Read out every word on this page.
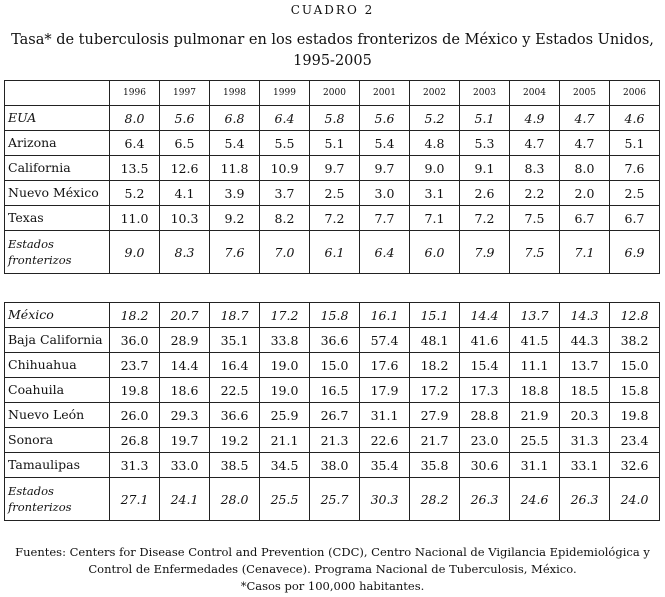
CUADRO 2
Tasa* de tuberculosis pulmonar en los estados fronterizos de México y Estados Unidos,
1995-2005
	1996	1997	1998	1999	2000	2001	2002	2003	2004	2005	2006
EUA	8.0	5.6	6.8	6.4	5.8	5.6	5.2	5.1	4.9	4.7	4.6
Arizona	6.4	6.5	5.4	5.5	5.1	5.4	4.8	5.3	4.7	4.7	5.1
California	13.5	12.6	11.8	10.9	9.7	9.7	9.0	9.1	8.3	8.0	7.6
Nuevo México	5.2	4.1	3.9	3.7	2.5	3.0	3.1	2.6	2.2	2.0	2.5
Texas	11.0	10.3	9.2	8.2	7.2	7.7	7.1	7.2	7.5	6.7	6.7
Estados fronterizos	9.0	8.3	7.6	7.0	6.1	6.4	6.0	7.9	7.5	7.1	6.9

México	18.2	20.7	18.7	17.2	15.8	16.1	15.1	14.4	13.7	14.3	12.8
Baja California	36.0	28.9	35.1	33.8	36.6	57.4	48.1	41.6	41.5	44.3	38.2
Chihuahua	23.7	14.4	16.4	19.0	15.0	17.6	18.2	15.4	11.1	13.7	15.0
Coahuila	19.8	18.6	22.5	19.0	16.5	17.9	17.2	17.3	18.8	18.5	15.8
Nuevo León	26.0	29.3	36.6	25.9	26.7	31.1	27.9	28.8	21.9	20.3	19.8
Sonora	26.8	19.7	19.2	21.1	21.3	22.6	21.7	23.0	25.5	31.3	23.4
Tamaulipas	31.3	33.0	38.5	34.5	38.0	35.4	35.8	30.6	31.1	33.1	32.6
Estados fronterizos	27.1	24.1	28.0	25.5	25.7	30.3	28.2	26.3	24.6	26.3	24.0
Fuentes: Centers for Disease Control and Prevention (CDC), Centro Nacional de Vigilancia Epidemiológica y
Control de Enfermedades (Cenavece). Programa Nacional de Tuberculosis, México.
*Casos por 100,000 habitantes.
